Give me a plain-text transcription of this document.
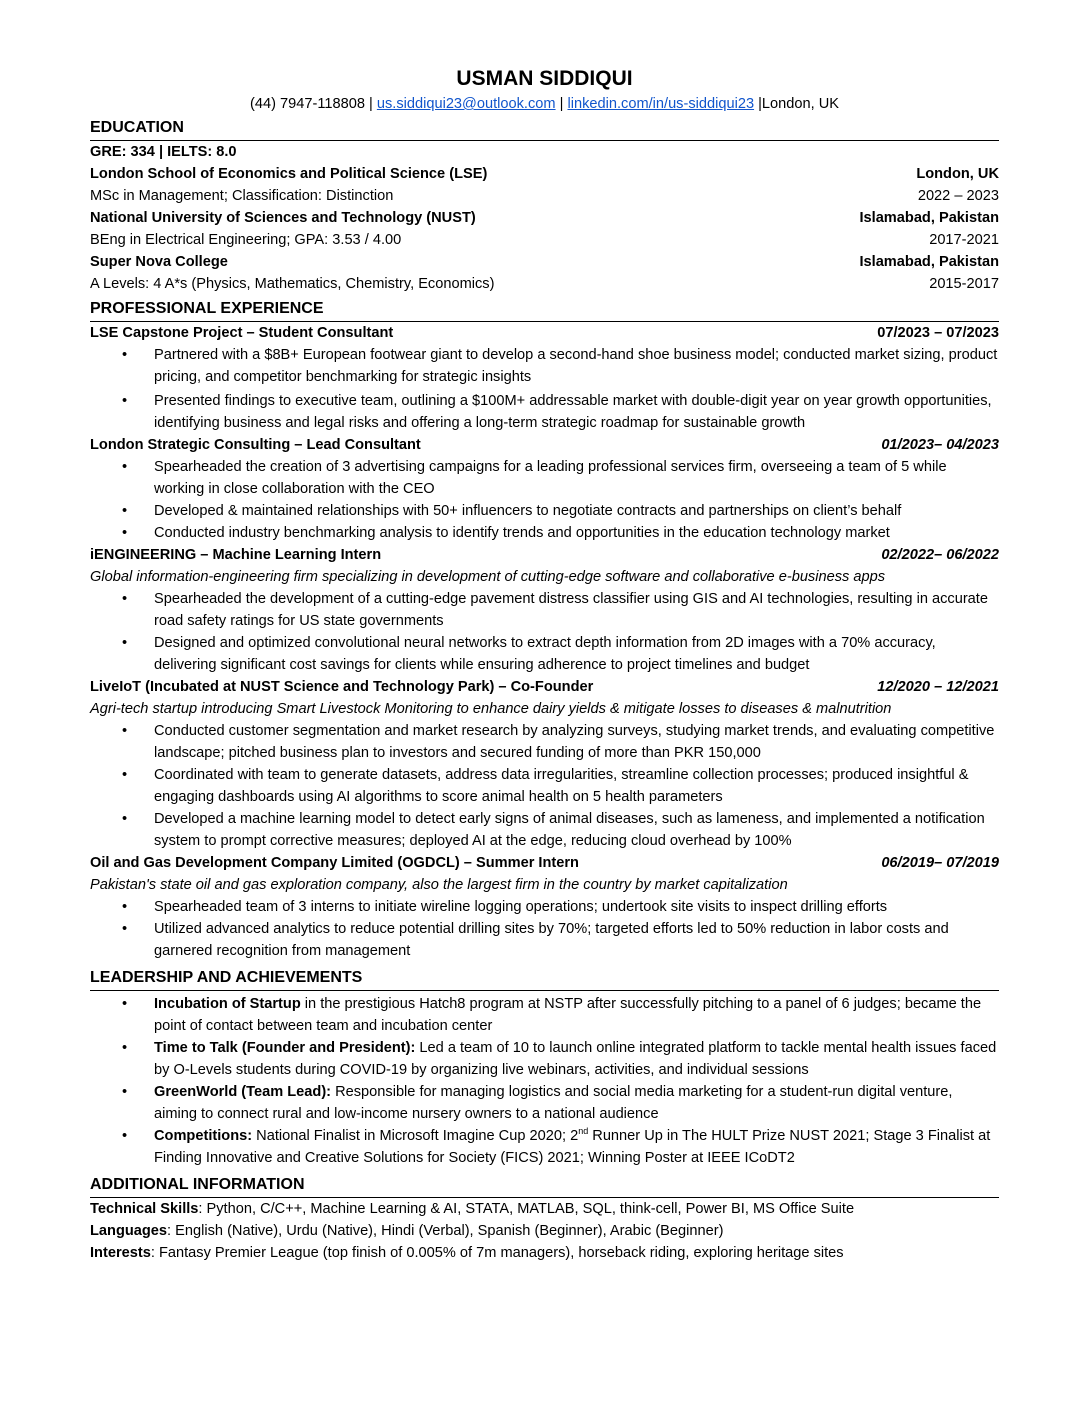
USMAN SIDDIQUI
(44) 7947-118808 | us.siddiqui23@outlook.com | linkedin.com/in/us-siddiqui23 |London, UK
EDUCATION
GRE: 334 | IELTS: 8.0
London School of Economics and Political Science (LSE)	London, UK
MSc in Management; Classification: Distinction	2022 – 2023
National University of Sciences and Technology (NUST)	Islamabad, Pakistan
BEng in Electrical Engineering; GPA: 3.53 / 4.00	2017-2021
Super Nova College	Islamabad, Pakistan
A Levels: 4 A*s (Physics, Mathematics, Chemistry, Economics)	2015-2017
PROFESSIONAL EXPERIENCE
LSE Capstone Project – Student Consultant	07/2023 – 07/2023
• Partnered with a $8B+ European footwear giant to develop a second-hand shoe business model; conducted market sizing, product pricing, and competitor benchmarking for strategic insights
• Presented findings to executive team, outlining a $100M+ addressable market with double-digit year on year growth opportunities, identifying business and legal risks and offering a long-term strategic roadmap for sustainable growth
London Strategic Consulting – Lead Consultant	01/2023– 04/2023
• Spearheaded the creation of 3 advertising campaigns for a leading professional services firm, overseeing a team of 5 while working in close collaboration with the CEO
• Developed & maintained relationships with 50+ influencers to negotiate contracts and partnerships on client’s behalf
• Conducted industry benchmarking analysis to identify trends and opportunities in the education technology market
iENGINEERING – Machine Learning Intern	02/2022– 06/2022
Global information-engineering firm specializing in development of cutting-edge software and collaborative e-business apps
• Spearheaded the development of a cutting-edge pavement distress classifier using GIS and AI technologies, resulting in accurate road safety ratings for US state governments
• Designed and optimized convolutional neural networks to extract depth information from 2D images with a 70% accuracy, delivering significant cost savings for clients while ensuring adherence to project timelines and budget
LiveIoT (Incubated at NUST Science and Technology Park) – Co-Founder	12/2020 – 12/2021
Agri-tech startup introducing Smart Livestock Monitoring to enhance dairy yields & mitigate losses to diseases & malnutrition
• Conducted customer segmentation and market research by analyzing surveys, studying market trends, and evaluating competitive landscape; pitched business plan to investors and secured funding of more than PKR 150,000
• Coordinated with team to generate datasets, address data irregularities, streamline collection processes; produced insightful & engaging dashboards using AI algorithms to score animal health on 5 health parameters
• Developed a machine learning model to detect early signs of animal diseases, such as lameness, and implemented a notification system to prompt corrective measures; deployed AI at the edge, reducing cloud overhead by 100%
Oil and Gas Development Company Limited (OGDCL) – Summer Intern	06/2019– 07/2019
Pakistan's state oil and gas exploration company, also the largest firm in the country by market capitalization
• Spearheaded team of 3 interns to initiate wireline logging operations; undertook site visits to inspect drilling efforts
• Utilized advanced analytics to reduce potential drilling sites by 70%; targeted efforts led to 50% reduction in labor costs and garnered recognition from management
LEADERSHIP AND ACHIEVEMENTS
• Incubation of Startup in the prestigious Hatch8 program at NSTP after successfully pitching to a panel of 6 judges; became the point of contact between team and incubation center
• Time to Talk (Founder and President): Led a team of 10 to launch online integrated platform to tackle mental health issues faced by O-Levels students during COVID-19 by organizing live webinars, activities, and individual sessions
• GreenWorld (Team Lead): Responsible for managing logistics and social media marketing for a student-run digital venture, aiming to connect rural and low-income nursery owners to a national audience
• Competitions: National Finalist in Microsoft Imagine Cup 2020; 2nd Runner Up in The HULT Prize NUST 2021; Stage 3 Finalist at Finding Innovative and Creative Solutions for Society (FICS) 2021; Winning Poster at IEEE ICoDT2
ADDITIONAL INFORMATION
Technical Skills: Python, C/C++, Machine Learning & AI, STATA, MATLAB, SQL, think-cell, Power BI, MS Office Suite
Languages: English (Native), Urdu (Native), Hindi (Verbal), Spanish (Beginner), Arabic (Beginner)
Interests: Fantasy Premier League (top finish of 0.005% of 7m managers), horseback riding, exploring heritage sites
